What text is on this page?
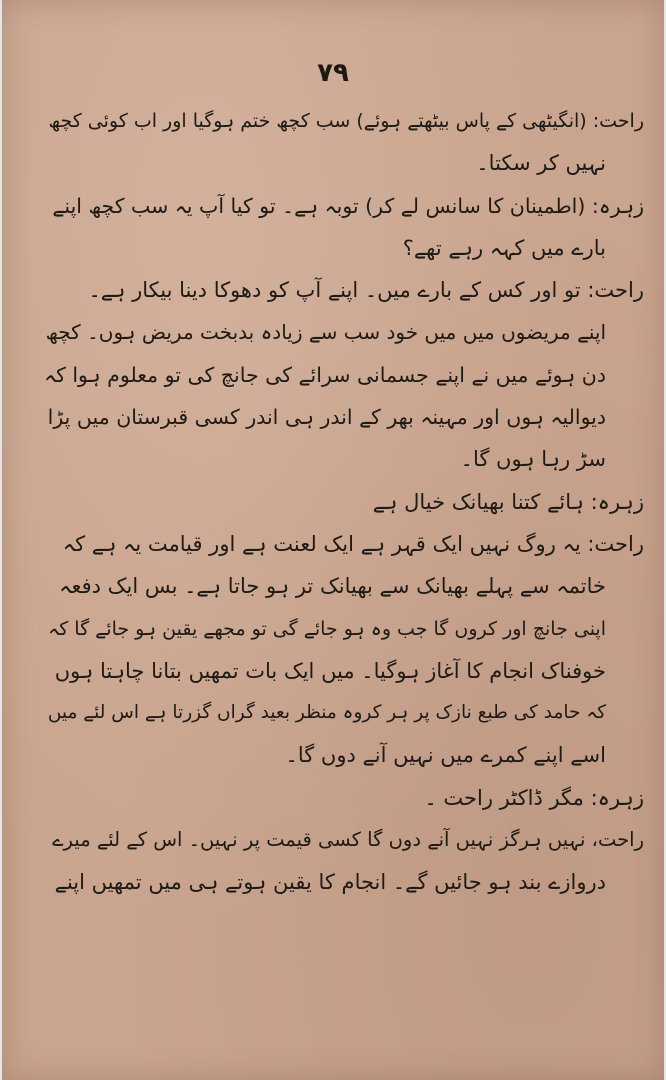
۷۹
راحت: (انگیٹھی کے پاس بیٹھتے ہوئے) سب کچھ ختم ہوگیا اور اب کوئی کچھ
نہیں کر سکتا۔
زہرہ: (اطمینان کا سانس لے کر) توبہ ہے۔ تو کیا آپ یہ سب کچھ اپنے
بارے میں کہہ رہے تھے؟
راحت: تو اور کس کے بارے میں۔ اپنے آپ کو دھوکا دینا بیکار ہے۔
اپنے مریضوں میں میں خود سب سے زیادہ بدبخت مریض ہوں۔ کچھ
دن ہوئے میں نے اپنے جسمانی سرائے کی جانچ کی تو معلوم ہوا کہ
دیوالیہ ہوں اور مہینہ بھر کے اندر ہی اندر کسی قبرستان میں پڑا
سڑ رہا ہوں گا۔
زہرہ: ہائے کتنا بھیانک خیال ہے
راحت: یہ روگ نہیں ایک قہر ہے ایک لعنت ہے اور قیامت یہ ہے کہ
خاتمہ سے پہلے بھیانک سے بھیانک تر ہو جاتا ہے۔ بس ایک دفعہ
اپنی جانچ اور کروں گا جب وہ ہو جائے گی تو مجھے یقین ہو جائے گا کہ
خوفناک انجام کا آغاز ہوگیا۔ میں ایک بات تمھیں بتانا چاہتا ہوں
کہ حامد کی طبع نازک پر ہر کروہ منظر بعید گراں گزرتا ہے اس لئے میں
اسے اپنے کمرے میں نہیں آنے دوں گا۔
زہرہ: مگر ڈاکٹر راحت ۔
راحت، نہیں ہرگز نہیں آنے دوں گا کسی قیمت پر نہیں۔ اس کے لئے میرے
دروازے بند ہو جائیں گے۔ انجام کا یقین ہوتے ہی میں تمھیں اپنے
